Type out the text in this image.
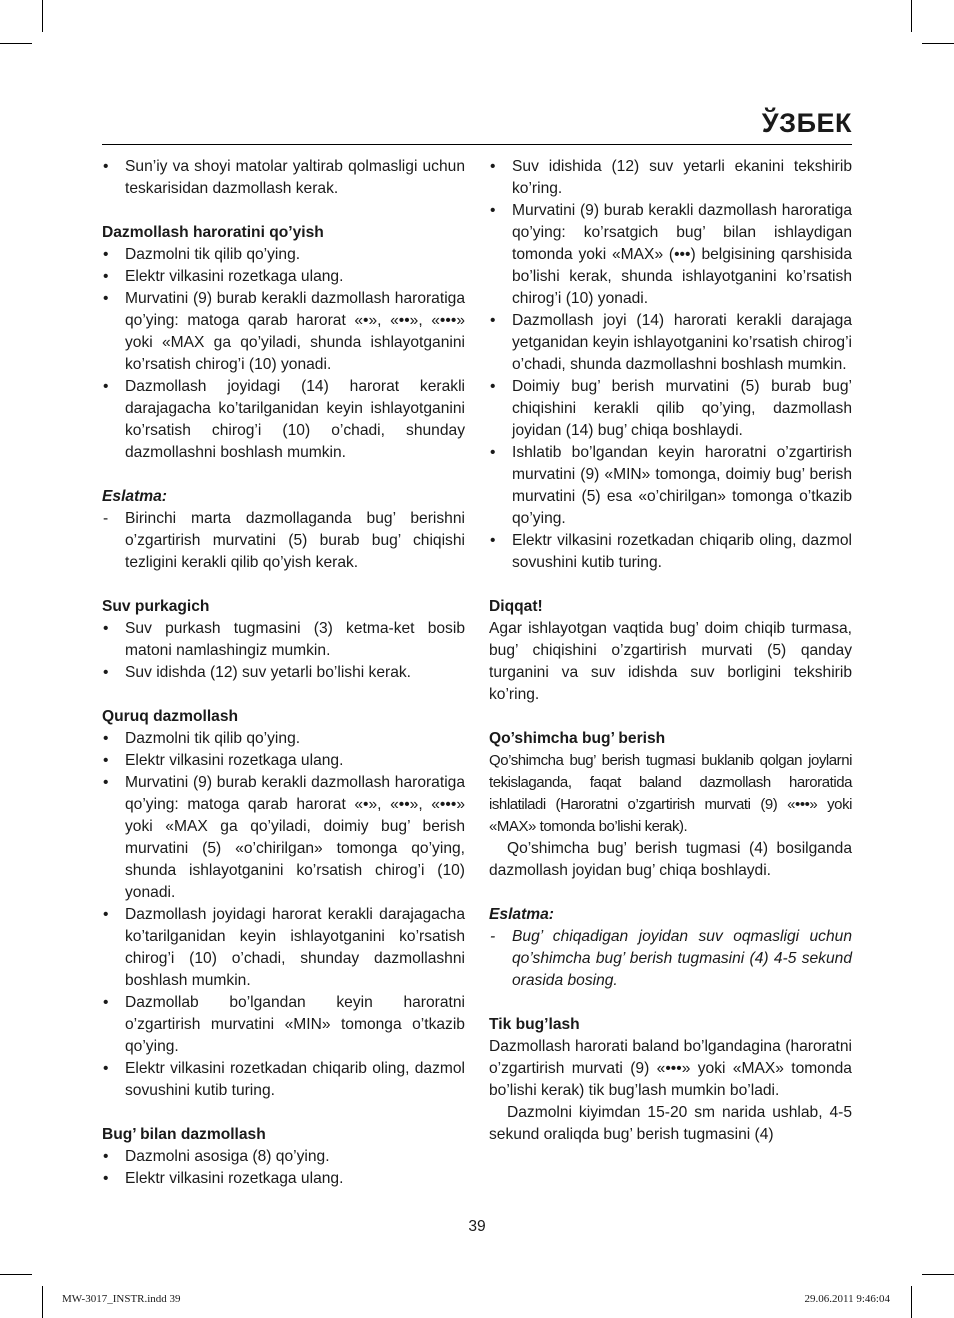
ЎЗБЕК
• Sun’iy va shoyi matolar yaltirab qolmasligi uchun teskarisidan dazmollash kerak.

Dazmollash haroratini qo’yish

• Dazmolni tik qilib qo’ying.
• Elektr vilkasini rozetkaga ulang.
• Murvatini (9) burab kerakli dazmollash haroratiga qo’ying: matoga qarab harorat «•», «••», «•••» yoki «MAX ga qo’yiladi, shunda ishlayotganini ko’rsatish chirog’i (10) yonadi.
• Dazmollash joyidagi (14) harorat kerakli darajagacha ko’tarilganidan keyin ishlayotganini ko’rsatish chirog’i (10) o’chadi, shunday dazmollashni boshlash mumkin.

Eslatma:

- Birinchi marta dazmollaganda bug’ berishni o’zgartirish murvatini (5) burab bug’ chiqishi tezligini kerakli qilib qo’yish kerak.

Suv purkagich

• Suv purkash tugmasini (3) ketma-ket bosib matoni namlashingiz mumkin.
• Suv idishda (12) suv yetarli bo’lishi kerak.

Quruq dazmollash

• Dazmolni tik qilib qo’ying.
• Elektr vilkasini rozetkaga ulang.
• Murvatini (9) burab kerakli dazmollash haroratiga qo’ying: matoga qarab harorat «•», «••», «•••» yoki «MAX ga qo’yiladi, doimiy bug’ berish murvatini (5) «o’chirilgan» tomonga qo’ying, shunda ishlayotganini ko’rsatish chirog’i (10) yonadi.
• Dazmollash joyidagi harorat kerakli darajagacha ko’tarilganidan keyin ishlayotganini ko’rsatish chirog’i (10) o’chadi, shunday dazmollashni boshlash mumkin.
• Dazmollab bo’lgandan keyin haroratni o’zgartirish murvatini «MIN» tomonga o’tkazib qo’ying.
• Elektr vilkasini rozetkadan chiqarib oling, dazmol sovushini kutib turing.

Bug’ bilan dazmollash

• Dazmolni asosiga (8) qo’ying.
• Elektr vilkasini rozetkaga ulang.
• Suv idishida (12) suv yetarli ekanini tekshirib ko’ring.
• Murvatini (9) burab kerakli dazmollash haroratiga qo’ying: ko’rsatgich bug’ bilan ishlaydigan tomonda yoki «MAX» (•••) belgisining qarshisida bo’lishi kerak, shunda ishlayotganini ko’rsatish chirog’i (10) yonadi.
• Dazmollash joyi (14) harorati kerakli darajaga yetganidan keyin ishlayotganini ko’rsatish chirog’i o’chadi, shunda dazmollashni boshlash mumkin.
• Doimiy bug’ berish murvatini (5) burab bug’ chiqishini kerakli qilib qo’ying, dazmollash joyidan (14) bug’ chiqa boshlaydi.
• Ishlatib bo’lgandan keyin haroratni o’zgartirish murvatini (9) «MIN» tomonga, doimiy bug’ berish murvatini (5) esa «o’chirilgan» tomonga o’tkazib qo’ying.
• Elektr vilkasini rozetkadan chiqarib oling, dazmol sovushini kutib turing.

Diqqat!

Agar ishlayotgan vaqtida bug’ doim chiqib turmasa, bug’ chiqishini o’zgartirish murvati (5) qanday turganini va suv idishda suv borligini tekshirib ko’ring.

Qo’shimcha bug’ berish

Qo’shimcha bug’ berish tugmasi buklanib qolgan joylarni tekislaganda, faqat baland dazmollash haroratida ishlatiladi (Haroratni o’zgartirish murvati (9) «•••» yoki «MAX» tomonda bo’lishi kerak).

Qo’shimcha bug’ berish tugmasi (4) bosilganda dazmollash joyidan bug’ chiqa boshlaydi.

Eslatma:

- Bug’ chiqadigan joyidan suv oqmasligi uchun qo’shimcha bug’ berish tugmasini (4) 4-5 sekund orasida bosing.

Tik bug’lash

Dazmollash harorati baland bo’lgandagina (haroratni o’zgartirish murvati (9) «•••» yoki «MAX» tomonda bo’lishi kerak) tik bug’lash mumkin bo’ladi.

Dazmolni kiyimdan 15-20 sm narida ushlab, 4-5 sekund oraliqda bug’ berish tugmasini (4)

39
MW-3017_INSTR.indd 39	29.06.2011 9:46:04
